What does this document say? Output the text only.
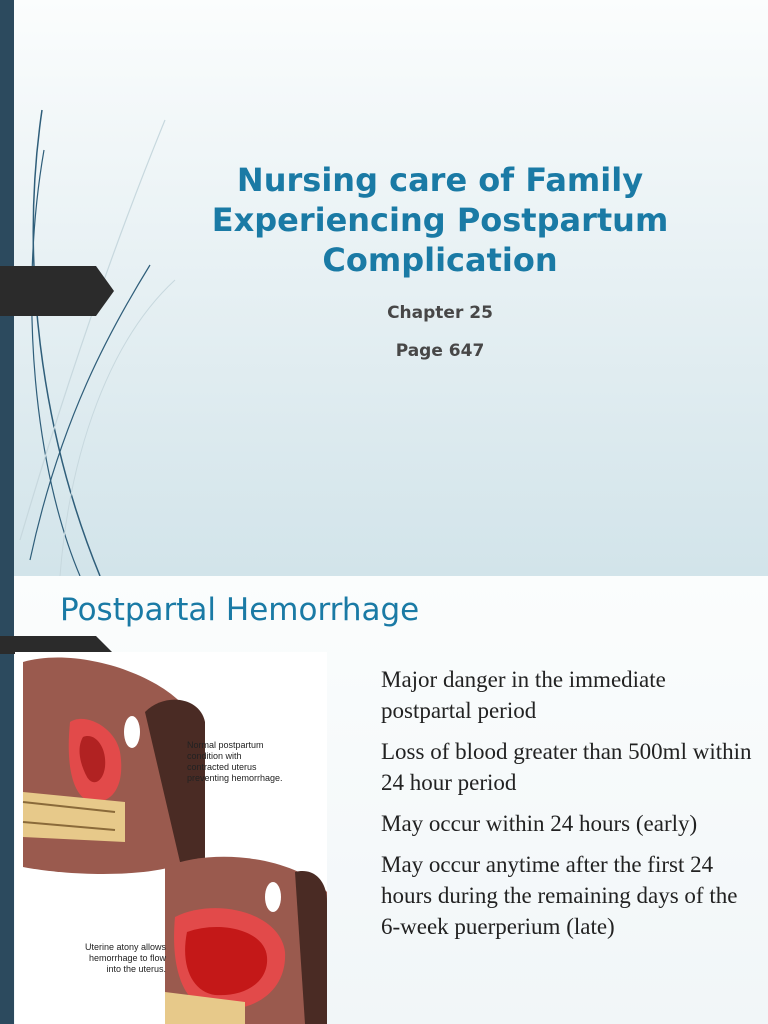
Nursing care of Family
Experiencing Postpartum
Complication

Chapter 25

Page 647

Postpartal Hemorrhage
Normal postpartum
condition with
contracted uterus
preventing hemorrhage.
Uterine atony allows
hemorrhage to flow
into the uterus.
Major danger in the immediate postpartal period
Loss of blood greater than 500ml within 24 hour period
May occur within 24 hours (early)
May occur anytime after the first 24 hours during the remaining days of the 6-week puerperium (late)
